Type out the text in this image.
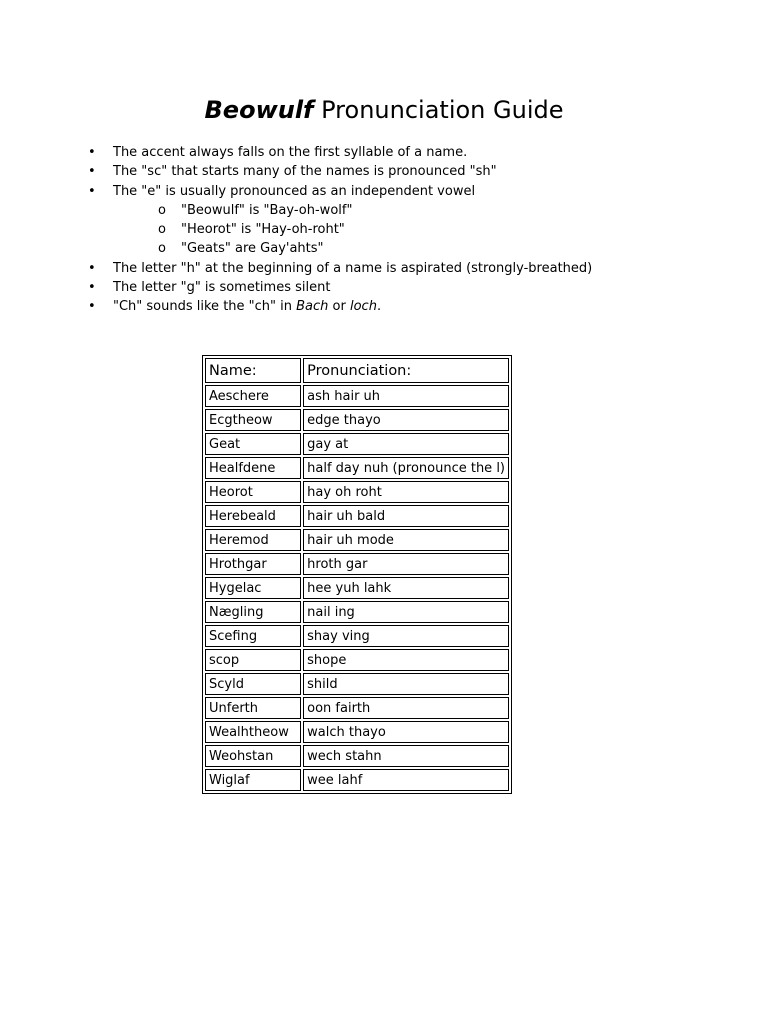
Beowulf Pronunciation Guide
• The accent always falls on the first syllable of a name.
• The "sc" that starts many of the names is pronounced "sh"
• The "e" is usually pronounced as an independent vowel
o "Beowulf" is "Bay-oh-wolf"
o "Heorot" is "Hay-oh-roht"
o "Geats" are Gay'ahts"
• The letter "h" at the beginning of a name is aspirated (strongly-breathed)
• The letter "g" is sometimes silent
• "Ch" sounds like the "ch" in Bach or loch.
Name:	Pronunciation:
Aeschere	ash hair uh
Ecgtheow	edge thayo
Geat	gay at
Healfdene	half day nuh (pronounce the l)
Heorot	hay oh roht
Herebeald	hair uh bald
Heremod	hair uh mode
Hrothgar	hroth gar
Hygelac	hee yuh lahk
Nægling	nail ing
Scefing	shay ving
scop	shope
Scyld	shild
Unferth	oon fairth
Wealhtheow	walch thayo
Weohstan	wech stahn
Wiglaf	wee lahf
